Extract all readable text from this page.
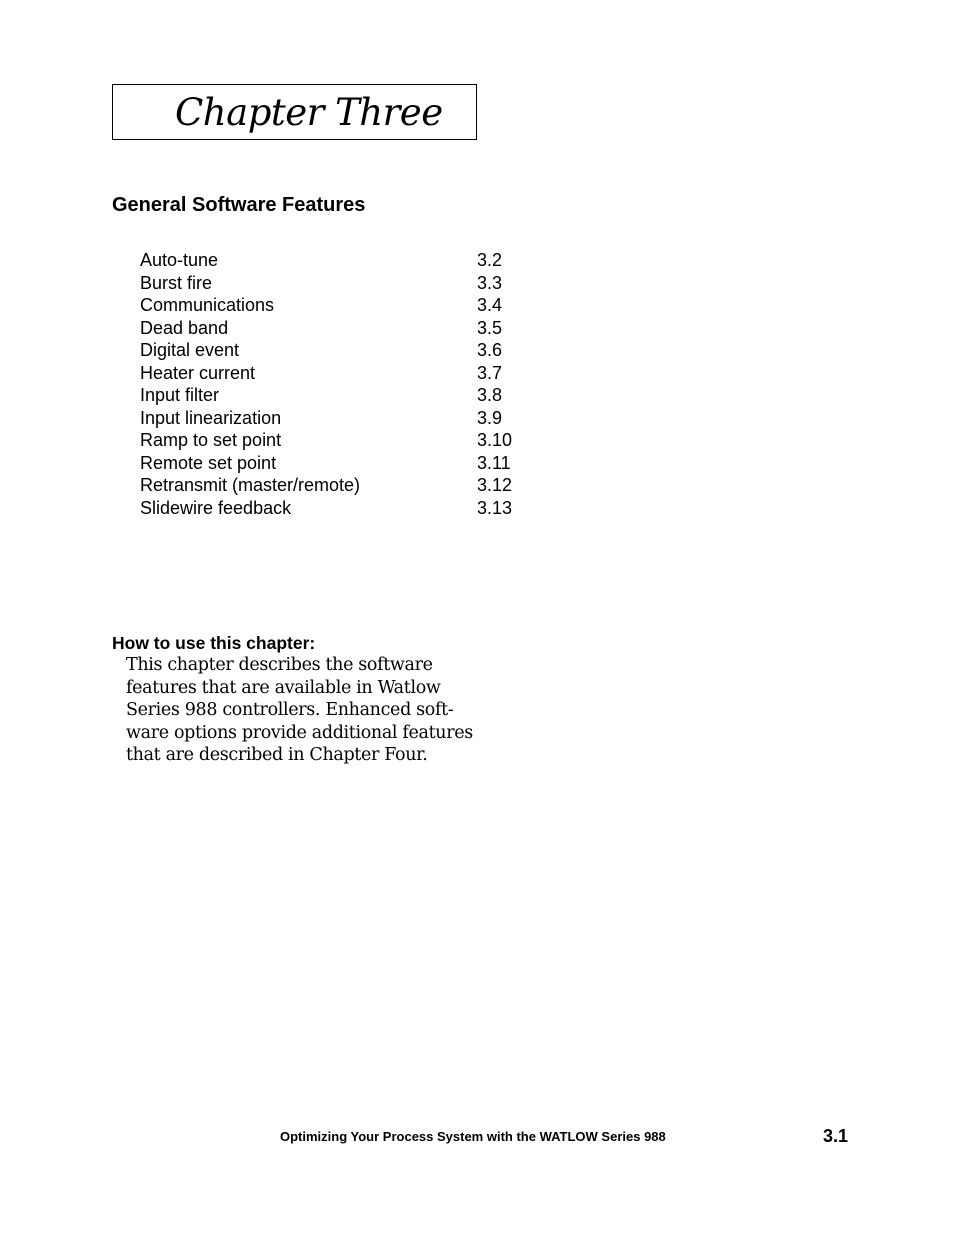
Chapter Three
General Software Features
Auto-tune	3.2
Burst fire	3.3
Communications	3.4
Dead band	3.5
Digital event	3.6
Heater current	3.7
Input filter	3.8
Input linearization	3.9
Ramp to set point	3.10
Remote set point	3.11
Retransmit (master/remote)	3.12
Slidewire feedback	3.13
How to use this chapter:
This chapter describes the software
features that are available in Watlow
Series 988 controllers. Enhanced soft-
ware options provide additional features
that are described in Chapter Four.
Optimizing Your Process System with the WATLOW Series 988	3.1
